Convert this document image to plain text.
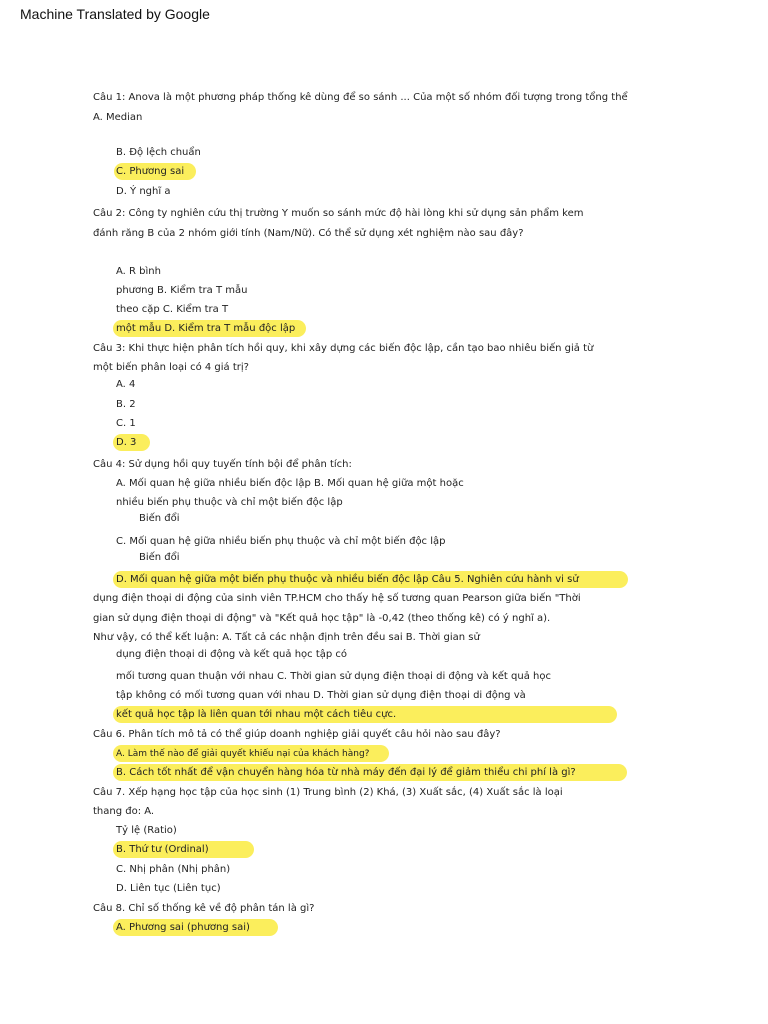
Machine Translated by Google
Câu 1: Anova là một phương pháp thống kê dùng để so sánh ... Của một số nhóm đối tượng trong tổng thể
A. Median
B. Độ lệch chuẩn
C. Phương sai
D. Ý nghĩ a
Câu 2: Công ty nghiên cứu thị trường Y muốn so sánh mức độ hài lòng khi sử dụng sản phẩm kem
đánh răng B của 2 nhóm giới tính (Nam/Nữ). Có thể sử dụng xét nghiệm nào sau đây?
A. R bình
phương B. Kiểm tra T mẫu
theo cặp C. Kiểm tra T
một mẫu D. Kiểm tra T mẫu độc lập
Câu 3: Khi thực hiện phân tích hồi quy, khi xây dựng các biến độc lập, cần tạo bao nhiêu biến giả từ
một biến phân loại có 4 giá trị?
A. 4
B. 2
C. 1
D. 3
Câu 4: Sử dụng hồi quy tuyến tính bội để phân tích:
A. Mối quan hệ giữa nhiều biến độc lập B. Mối quan hệ giữa một hoặc
nhiều biến phụ thuộc và chỉ một biến độc lập
Biến đổi
C. Mối quan hệ giữa nhiều biến phụ thuộc và chỉ một biến độc lập
Biến đổi
D. Mối quan hệ giữa một biến phụ thuộc và nhiều biến độc lập Câu 5. Nghiên cứu hành vi sử
dụng điện thoại di động của sinh viên TP.HCM cho thấy hệ số tương quan Pearson giữa biến "Thời
gian sử dụng điện thoại di động" và "Kết quả học tập" là -0,42 (theo thống kê) có ý nghĩ a).
Như vậy, có thể kết luận: A. Tất cả các nhận định trên đều sai B. Thời gian sử
dụng điện thoại di động và kết quả học tập có
mối tương quan thuận với nhau C. Thời gian sử dụng điện thoại di động và kết quả học
tập không có mối tương quan với nhau D. Thời gian sử dụng điện thoại di động và
kết quả học tập là liên quan tới nhau một cách tiêu cực.
Câu 6. Phân tích mô tả có thể giúp doanh nghiệp giải quyết câu hỏi nào sau đây?
A. Làm thế nào để giải quyết khiếu nại của khách hàng?
B. Cách tốt nhất để vận chuyển hàng hóa từ nhà máy đến đại lý để giảm thiểu chi phí là gì?
Câu 7. Xếp hạng học tập của học sinh (1) Trung bình (2) Khá, (3) Xuất sắc, (4) Xuất sắc là loại
thang đo: A.
Tỷ lệ (Ratio)
B. Thứ tư (Ordinal)
C. Nhị phân (Nhị phân)
D. Liên tục (Liên tục)
Câu 8. Chỉ số thống kê về độ phân tán là gì?
A. Phương sai (phương sai)
